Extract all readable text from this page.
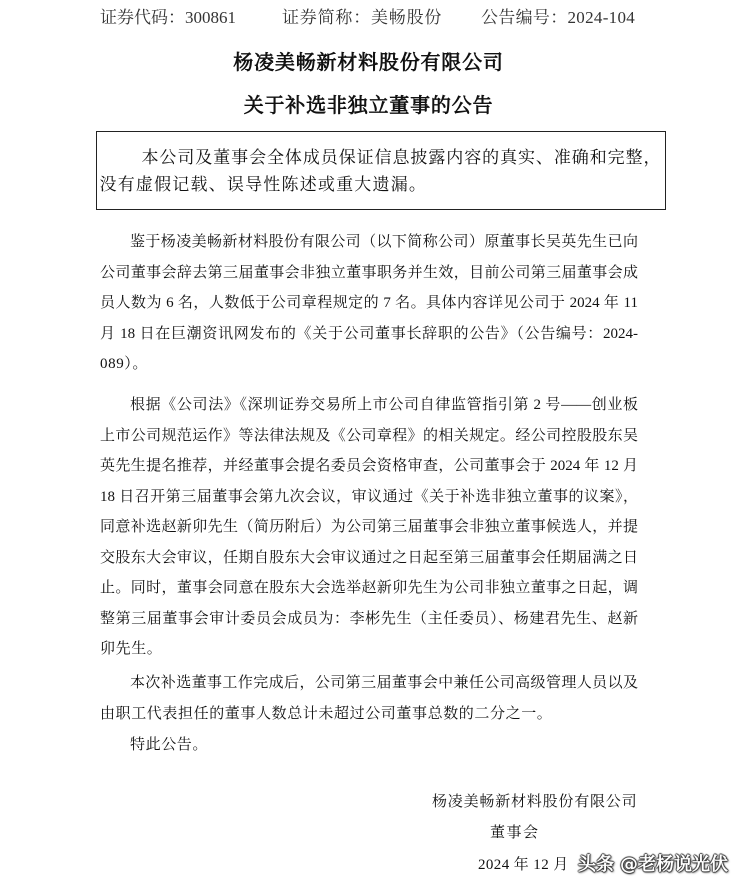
证券代码：300861	证券简称：美畅股份 公告编号：2024-104
杨凌美畅新材料股份有限公司
关于补选非独立董事的公告
本公司及董事会全体成员保证信息披露内容的真实、准确和完整，
没有虚假记载、误导性陈述或重大遗漏。
鉴于杨凌美畅新材料股份有限公司（以下简称公司）原董事长吴英先生已向
公司董事会辞去第三届董事会非独立董事职务并生效，目前公司第三届董事会成
员人数为 6 名，人数低于公司章程规定的 7 名。具体内容详见公司于 2024 年 11
月 18 日在巨潮资讯网发布的《关于公司董事长辞职的公告》（公告编号：2024-
089）。
根据《公司法》《深圳证券交易所上市公司自律监管指引第 2 号——创业板
上市公司规范运作》等法律法规及《公司章程》的相关规定。经公司控股股东吴
英先生提名推荐，并经董事会提名委员会资格审查，公司董事会于 2024 年 12 月
18 日召开第三届董事会第九次会议，审议通过《关于补选非独立董事的议案》，
同意补选赵新卯先生（简历附后）为公司第三届董事会非独立董事候选人，并提
交股东大会审议，任期自股东大会审议通过之日起至第三届董事会任期届满之日
止。同时，董事会同意在股东大会选举赵新卯先生为公司非独立董事之日起，调
整第三届董事会审计委员会成员为：李彬先生（主任委员）、杨建君先生、赵新
卯先生。
本次补选董事工作完成后，公司第三届董事会中兼任公司高级管理人员以及
由职工代表担任的董事人数总计未超过公司董事总数的二分之一。
特此公告。
杨凌美畅新材料股份有限公司
董事会
2024 年 12 月 头条 @老杨说光伏
